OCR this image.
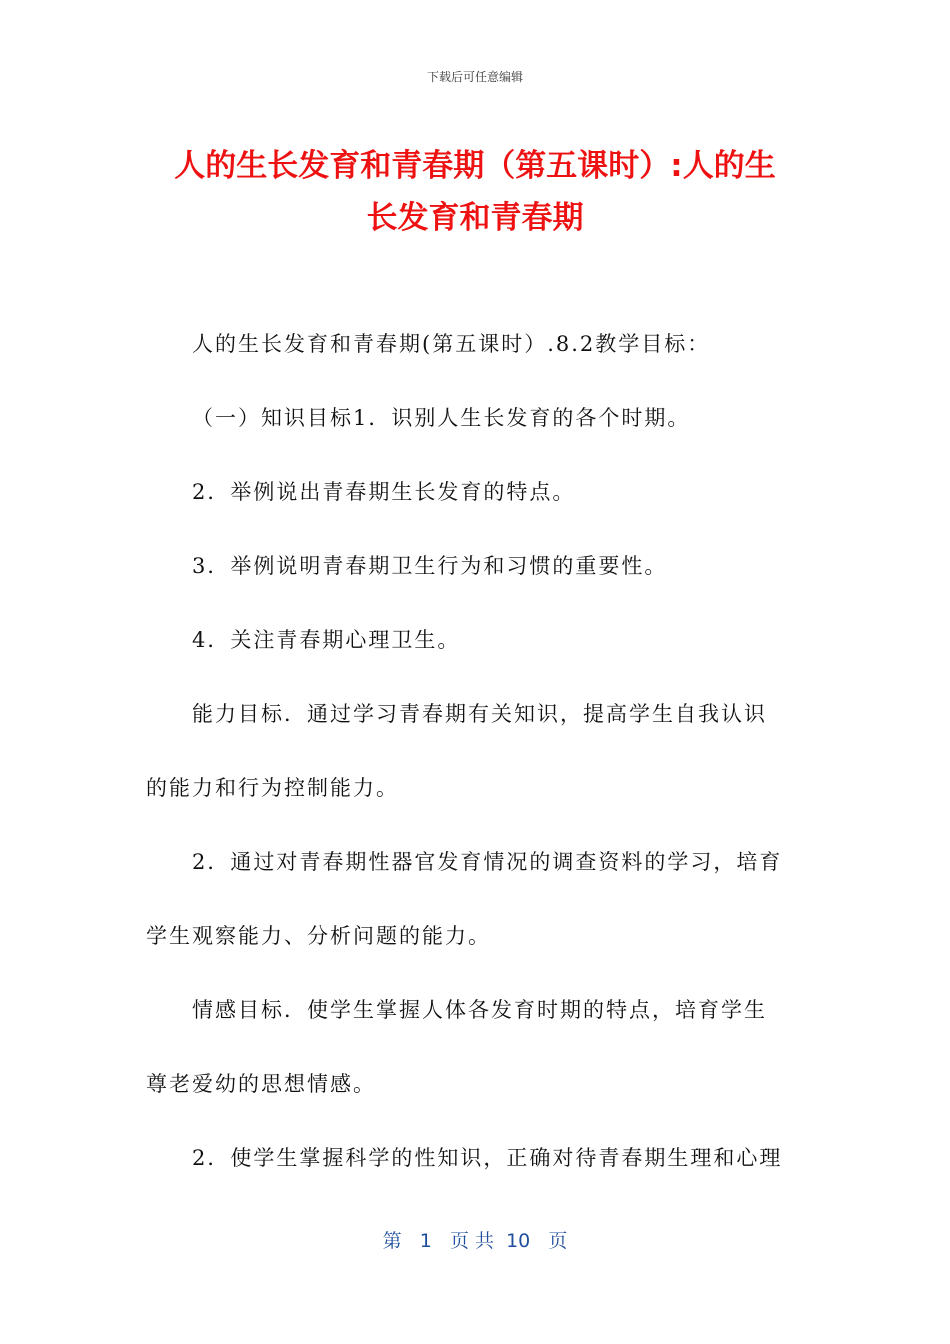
下载后可任意编辑
人的生长发育和青春期（第五课时）:人的生
长发育和青春期
人的生长发育和青春期(第五课时）.8.2教学目标：
（一）知识目标1．识别人生长发育的各个时期。
2．举例说出青春期生长发育的特点。
3．举例说明青春期卫生行为和习惯的重要性。
4．关注青春期心理卫生。
能力目标．通过学习青春期有关知识，提高学生自我认识
的能力和行为控制能力。
2．通过对青春期性器官发育情况的调查资料的学习，培育
学生观察能力、分析问题的能力。
情感目标．使学生掌握人体各发育时期的特点，培育学生
尊老爱幼的思想情感。
2．使学生掌握科学的性知识，正确对待青春期生理和心理
第   1   页 共  10   页
